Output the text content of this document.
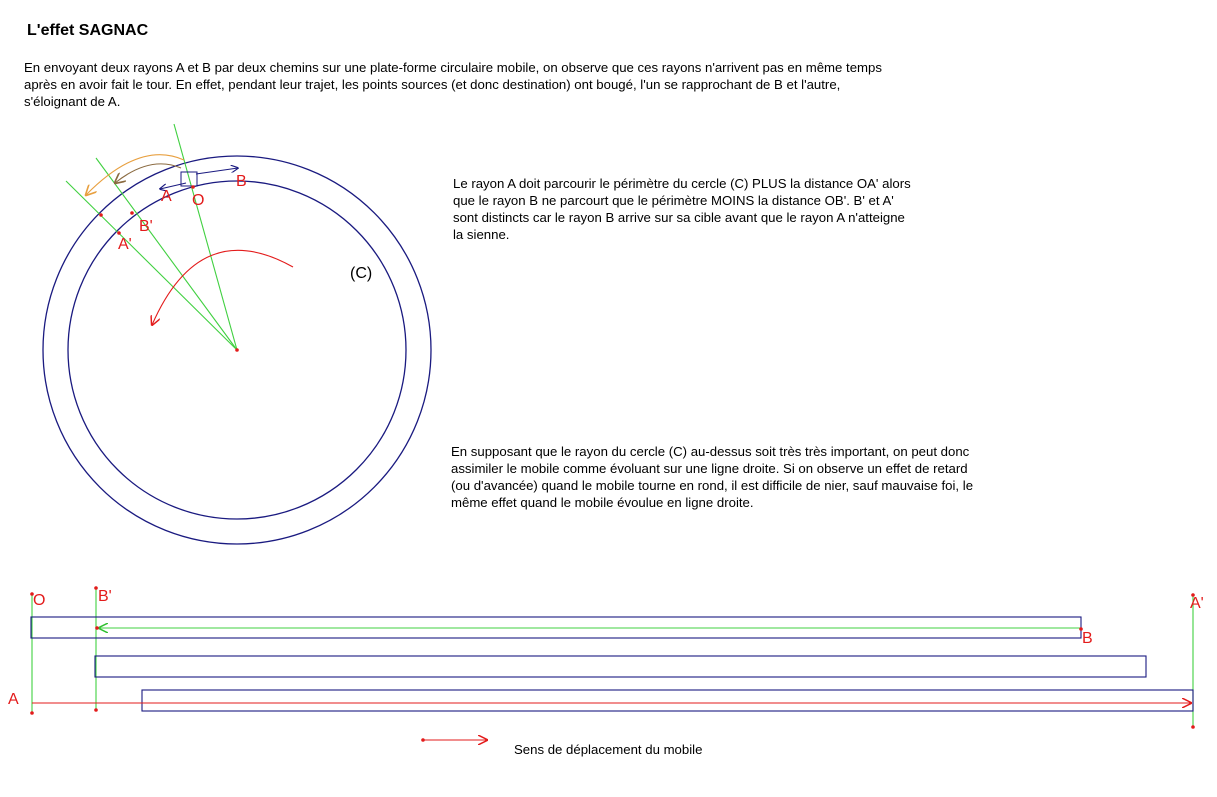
L'effet SAGNAC

En envoyant deux rayons A et B par deux chemins sur une plate-forme circulaire mobile, on observe que ces rayons n'arrivent pas en même temps après en avoir fait le tour. En effet, pendant leur trajet, les points sources (et donc destination) ont bougé, l'un se rapprochant de B et l'autre, s'éloignant de A.

Le rayon A doit parcourir le périmètre du cercle (C) PLUS la distance OA' alors que le rayon B ne parcourt que le périmètre MOINS la distance OB'. B' et A' sont distincts car le rayon B arrive sur sa cible avant que le rayon A n'atteigne la sienne.

En supposant que le rayon du cercle (C) au-dessus soit très très important, on peut donc assimiler le mobile comme évoluant sur une ligne droite. Si on observe un effet de retard (ou d'avancée) quand le mobile tourne en rond, il est difficile de nier, sauf mauvaise foi, le même effet quand le mobile évoulue en ligne droite.

Sens de déplacement du mobile

A O
B
B'
A'
(C)
O	B'
B
A
A'
